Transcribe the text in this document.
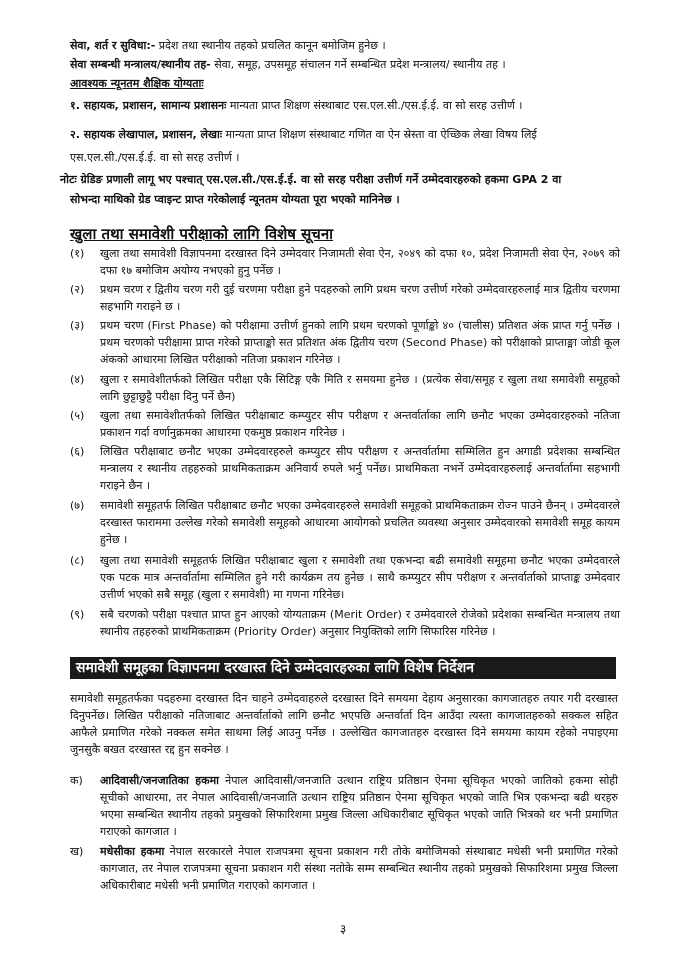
सेवा, शर्त र सुविधा:- प्रदेश तथा स्थानीय तहको प्रचलित कानून बमोजिम हुनेछ ।
सेवा सम्बन्धी मन्त्रालय/स्थानीय तह- सेवा, समूह, उपसमूह संचालन गर्ने सम्बन्धित प्रदेश मन्त्रालय/ स्थानीय तह ।
आवश्यक न्यूनतम शैक्षिक योग्यताः
१. सहायक, प्रशासन, सामान्य प्रशासनः मान्यता प्राप्त शिक्षण संस्थाबाट एस.एल.सी./एस.ई.ई. वा सो सरह उत्तीर्ण ।
२. सहायक लेखापाल, प्रशासन, लेखाः मान्यता प्राप्त शिक्षण संस्थाबाट गणित वा ऐन स्रेस्ता वा ऐच्छिक लेखा विषय लिई
एस.एल.सी./एस.ई.ई. वा सो सरह उत्तीर्ण ।
नोटः ग्रेडिङ प्रणाली लागू भए पश्चात् एस.एल.सी./एस.ई.ई. वा सो सरह परीक्षा उत्तीर्ण गर्ने उम्मेदवारहरुको हकमा GPA 2 वा
सोभन्दा माथिको ग्रेड प्वाइन्ट प्राप्त गरेकोलाई न्यूनतम योग्यता पूरा भएको मानिनेछ ।
खुला तथा समावेशी परीक्षाको लागि विशेष सूचना
(१) खुला तथा समावेशी विज्ञापनमा दरखास्त दिने उम्मेदवार निजामती सेवा ऐन, २०४९ को दफा १०, प्रदेश निजामती सेवा ऐन, २०७९ को दफा १७ बमोजिम अयोग्य नभएको हुनु पर्नेछ ।
(२) प्रथम चरण र द्वितीय चरण गरी दुई चरणमा परीक्षा हुने पदहरुको लागि प्रथम चरण उत्तीर्ण गरेको उम्मेदवारहरुलाई मात्र द्वितीय चरणमा सहभागि गराइने छ ।
(३) प्रथम चरण (First Phase) को परीक्षामा उत्तीर्ण हुनको लागि प्रथम चरणको पूर्णाङ्को ४० (चालीस) प्रतिशत अंक प्राप्त गर्नु पर्नेछ । प्रथम चरणको परीक्षामा प्राप्त गरेको प्राप्ताङ्को सत प्रतिशत अंक द्वितीय चरण (Second Phase) को परीक्षाको प्राप्ताङ्मा जोडी कूल अंकको आधारमा लिखित परीक्षाको नतिजा प्रकाशन गरिनेछ ।
(४) खुला र समावेशीतर्फको लिखित परीक्षा एकै सिटिङ्ग एकै मिति र समयमा हुनेछ । (प्रत्येक सेवा/समूह र खुला तथा समावेशी समूहको लागि छुट्टाछुट्टै परीक्षा दिनु पर्ने छैन)
(५) खुला तथा समावेशीतर्फको लिखित परीक्षाबाट कम्प्युटर सीप परीक्षण र अन्तर्वार्ताका लागि छनौट भएका उम्मेदवारहरुको नतिजा प्रकाशन गर्दा वर्णानुक्रमका आधारमा एकमुष्ठ प्रकाशन गरिनेछ ।
(६) लिखित परीक्षाबाट छनौट भएका उम्मेदवारहरुले कम्प्युटर सीप परीक्षण र अन्तर्वार्तामा सम्मिलित हुन अगाडी प्रदेशका सम्बन्धित मन्त्रालय र स्थानीय तहहरुको प्राथमिकताक्रम अनिवार्य रुपले भर्नु पर्नेछ। प्राथमिकता नभर्ने उम्मेदवारहरुलाई अन्तर्वार्तामा सहभागी गराइने छैन ।
(७) समावेशी समूहतर्फ लिखित परीक्षाबाट छनौट भएका उम्मेदवारहरुले समावेशी समूहको प्राथमिकताक्रम रोज्न पाउने छैनन् । उम्मेदवारले दरखास्त फाराममा उल्लेख गरेको समावेशी समूहको आधारमा आयोगको प्रचलित व्यवस्था अनुसार उम्मेदवारको समावेशी समूह कायम हुनेछ ।
(८) खुला तथा समावेशी समूहतर्फ लिखित परीक्षाबाट खुला र समावेशी तथा एकभन्दा बढी समावेशी समूहमा छनौट भएका उम्मेदवारले एक पटक मात्र अन्तर्वार्तामा सम्मिलित हुने गरी कार्यक्रम तय हुनेछ । साथै कम्प्युटर सीप परीक्षण र अन्तर्वार्ताको प्राप्ताङ्क उम्मेदवार उत्तीर्ण भएको सबै समूह (खुला र समावेशी) मा गणना गरिनेछ।
(९) सबै चरणको परीक्षा पश्चात प्राप्त हुन आएको योग्यताक्रम (Merit Order) र उम्मेदवारले रोजेको प्रदेशका सम्बन्धित मन्त्रालय तथा स्थानीय तहहरुको प्राथमिकताक्रम (Priority Order) अनुसार नियुक्तिको लागि सिफारिस गरिनेछ ।
समावेशी समूहका विज्ञापनमा दरखास्त दिने उम्मेदवारहरुका लागि विशेष निर्देशन
समावेशी समूहतर्फका पदहरुमा दरखास्त दिन चाहने उम्मेदवाहरुले दरखास्त दिने समयमा देहाय अनुसारका कागजातहरु तयार गरी दरखास्त दिनुपर्नेछ। लिखित परीक्षाको नतिजाबाट अन्तर्वार्ताको लागि छनौट भएपछि अन्तर्वार्ता दिन आउँदा त्यस्ता कागजातहरुको सक्कल सहित आफैले प्रमाणित गरेको नक्कल समेत साथमा लिई आउनु पर्नेछ । उल्लेखित कागजातहरु दरखास्त दिने समयमा कायम रहेको नपाइएमा जुनसुकै बखत दरखास्त रद्द हुन सक्नेछ ।
क) आदिवासी/जनजातिका हकमा नेपाल आदिवासी/जनजाति उत्थान राष्ट्रिय प्रतिष्ठान ऐनमा सूचिकृत भएको जातिको हकमा सोही सूचीको आधारमा, तर नेपाल आदिवासी/जनजाति उत्थान राष्ट्रिय प्रतिष्ठान ऐनमा सूचिकृत भएको जाति भित्र एकभन्दा बढी थरहरु भएमा सम्बन्धित स्थानीय तहको प्रमुखको सिफारिशमा प्रमुख जिल्ला अधिकारीबाट सूचिकृत भएको जाति भित्रको थर भनी प्रमाणित गराएको कागजात ।
ख) मधेसीका हकमा नेपाल सरकारले नेपाल राजपत्रमा सूचना प्रकाशन गरी तोके बमोजिमको संस्थाबाट मधेसी भनी प्रमाणित गरेको कागजात, तर नेपाल राजपत्रमा सूचना प्रकाशन गरी संस्था नतोके सम्म सम्बन्धित स्थानीय तहको प्रमुखको सिफारिशमा प्रमुख जिल्ला अधिकारीबाट मधेसी भनी प्रमाणित गराएको कागजात ।
३
